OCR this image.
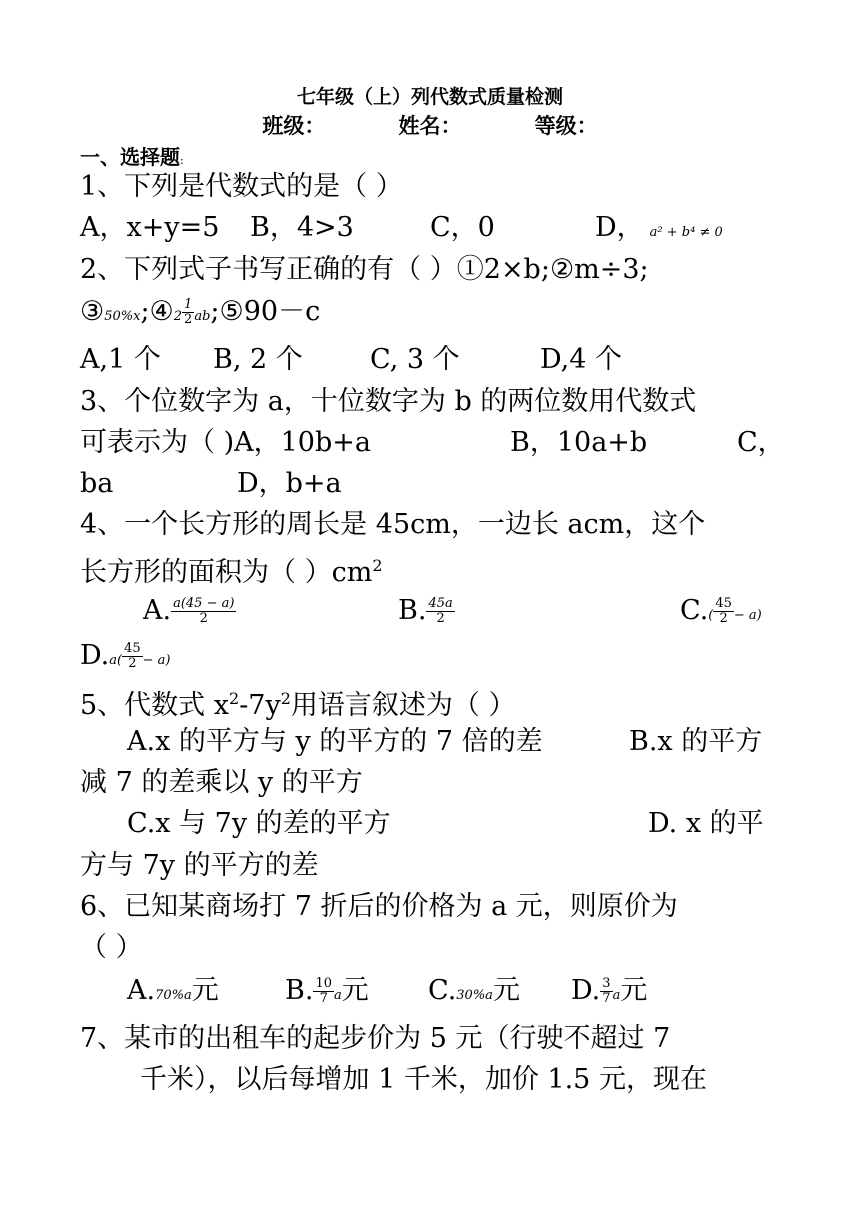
七年级（上）列代数式质量检测
班级：          姓名：          等级：
一、选择题:
1、下列是代数式的是（ ）
A，x+y=5 B，4>3	C，0	D， a² + b⁴ ≠ 0
2、下列式子书写正确的有（ ）①2×b;②m÷3;
③50%x;④2 $\frac{1}{2}$ ab;⑤90－c
A,1 个 B, 2 个 C, 3 个	D,4 个
3、个位数字为 a，十位数字为 b 的两位数用代数式
可表示为（ )A，10b+a	B，10a+b	C，
ba	D，b+a
4、一个长方形的周长是 45cm，一边长 acm，这个
长方形的面积为（ ）$cm^2$
A. $\frac{a(45 - a)}{2}$	B. $\frac{45a}{2}$	$C.( \frac{45}{2} - a)$
$D.a( \frac{45}{2} - a)$
5、代数式 $x^2-7y^2$用语言叙述为（ ）
A.x 的平方与 y 的平方的 7 倍的差	B.x 的平方
减 7 的差乘以 y 的平方
C.x 与 7y 的差的平方	D. x 的平
方与 7y 的平方的差
6、已知某商场打 7 折后的价格为 a 元，则原价为
（ ）
A.70%a元 B. $\frac{10}{7}$ a元 C.30%a元 D. $\frac{3}{7}$ a元
7、某市的出租车的起步价为 5 元（行驶不超过 7
千米），以后每增加 1 千米，加价 1.5 元，现在
